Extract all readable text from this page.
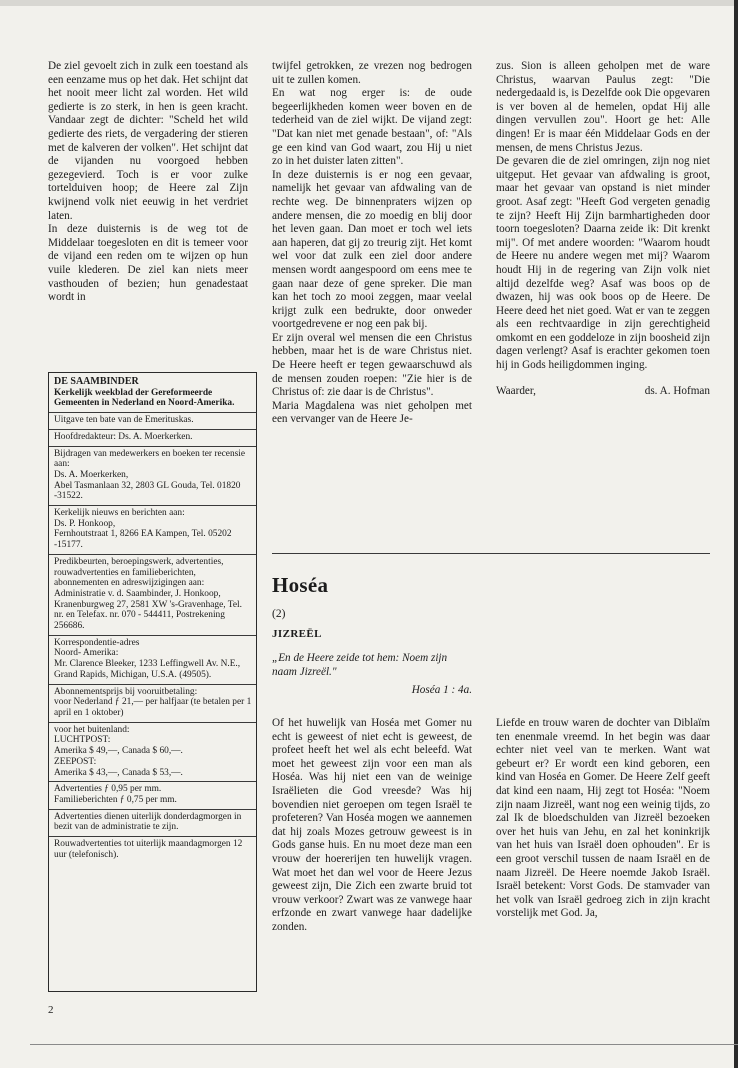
De ziel gevoelt zich in zulk een toestand als een eenzame mus op het dak. Het schijnt dat het nooit meer licht zal worden. Het wild gedierte is zo sterk, in hen is geen kracht. Vandaar zegt de dichter: "Scheld het wild gedierte des riets, de vergadering der stieren met de kalveren der volken". Het schijnt dat de vijanden nu voorgoed hebben gezegevierd. Toch is er voor zulke tortelduiven hoop; de Heere zal Zijn kwijnend volk niet eeuwig in het verdriet laten.

In deze duisternis is de weg tot de Middelaar toegesloten en dit is temeer voor de vijand een reden om te wijzen op hun vuile klederen. De ziel kan niets meer vasthouden of bezien; hun genadestaat wordt in

twijfel getrokken, ze vrezen nog bedrogen uit te zullen komen.

En wat nog erger is: de oude begeerlijkheden komen weer boven en de tederheid van de ziel wijkt. De vijand zegt: "Dat kan niet met genade bestaan", of: "Als ge een kind van God waart, zou Hij u niet zo in het duister laten zitten".

In deze duisternis is er nog een gevaar, namelijk het gevaar van afdwaling van de rechte weg. De binnenpraters wijzen op andere mensen, die zo moedig en blij door het leven gaan. Dan moet er toch wel iets aan haperen, dat gij zo treurig zijt. Het komt wel voor dat zulk een ziel door andere mensen wordt aangespoord om eens mee te gaan naar deze of gene spreker. Die man kan het toch zo mooi zeggen, maar veelal krijgt zulk een bedrukte, door onweder voortgedrevene er nog een pak bij.

Er zijn overal wel mensen die een Christus hebben, maar het is de ware Christus niet. De Heere heeft er tegen gewaarschuwd als de mensen zouden roepen: "Zie hier is de Christus of: zie daar is de Christus".

Maria Magdalena was niet geholpen met een vervanger van de Heere Je-

zus. Sion is alleen geholpen met de ware Christus, waarvan Paulus zegt: "Die nedergedaald is, is Dezelfde ook Die opgevaren is ver boven al de hemelen, opdat Hij alle dingen vervullen zou". Hoort ge het: Alle dingen! Er is maar één Middelaar Gods en der mensen, de mens Christus Jezus.

De gevaren die de ziel omringen, zijn nog niet uitgeput. Het gevaar van afdwaling is groot, maar het gevaar van opstand is niet minder groot. Asaf zegt: "Heeft God vergeten genadig te zijn? Heeft Hij Zijn barmhartigheden door toorn toegesloten? Daarna zeide ik: Dit krenkt mij". Of met andere woorden: "Waarom houdt de Heere nu andere wegen met mij? Waarom houdt Hij in de regering van Zijn volk niet altijd dezelfde weg? Asaf was boos op de dwazen, hij was ook boos op de Heere. De Heere deed het niet goed. Wat er van te zeggen als een rechtvaardige in zijn gerechtigheid omkomt en een goddeloze in zijn boosheid zijn dagen verlengt? Asaf is erachter gekomen toen hij in Gods heiligdommen inging.

Waarder,	ds. A. Hofman
DE SAAMBINDER
Kerkelijk weekblad der Gereformeerde Gemeenten in Nederland en Noord-Amerika.

Uitgave ten bate van de Emerituskas.

Hoofdredakteur: Ds. A. Moerkerken.

Bijdragen van medewerkers en boeken ter recensie aan:

Ds. A. Moerkerken,

Abel Tasmanlaan 32, 2803 GL Gouda, Tel. 01820 -31522.

Kerkelijk nieuws en berichten aan:

Ds. P. Honkoop,

Fernhoutstraat 1, 8266 EA Kampen, Tel. 05202 -15177.

Predikbeurten, beroepingswerk, advertenties, rouwadvertenties en familieberichten, abonnementen en adreswijzigingen aan:

Administratie v. d. Saambinder, J. Honkoop, Kranenburgweg 27, 2581 XW 's-Gravenhage, Tel. nr. en Telefax. nr. 070 - 544411, Postrekening 256686.

Korrespondentie-adres

Noord- Amerika:

Mr. Clarence Bleeker, 1233 Leffingwell Av. N.E., Grand Rapids, Michigan, U.S.A. (49505).

Abonnementsprijs bij vooruitbetaling:

voor Nederland ƒ 21,— per halfjaar (te betalen per 1 april en 1 oktober)

voor het buitenland:

LUCHTPOST:

Amerika $ 49,—, Canada $ 60,—.

ZEEPOST:

Amerika $ 43,—, Canada $ 53,—.

Advertenties ƒ 0,95 per mm.

Familieberichten ƒ 0,75 per mm.

Advertenties dienen uiterlijk donderdagmorgen in bezit van de administratie te zijn.

Rouwadvertenties tot uiterlijk maandagmorgen 12 uur (telefonisch).

Hoséa
(2)
JIZREËL
„En de Heere zeide tot hem: Noem zijn naam Jizreël."
Hoséa 1 : 4a.

Of het huwelijk van Hoséa met Gomer nu echt is geweest of niet echt is geweest, de profeet heeft het wel als echt beleefd. Wat moet het geweest zijn voor een man als Hoséa. Was hij niet een van de weinige Israëlieten die God vreesde? Was hij bovendien niet geroepen om tegen Israël te profeteren? Van Hoséa mogen we aannemen dat hij zoals Mozes getrouw geweest is in Gods ganse huis. En nu moet deze man een vrouw der hoererijen ten huwelijk vragen. Wat moet het dan wel voor de Heere Jezus geweest zijn, Die Zich een zwarte bruid tot vrouw verkoor? Zwart was ze vanwege haar erfzonde en zwart vanwege haar dadelijke zonden.

Liefde en trouw waren de dochter van Diblaïm ten enenmale vreemd. In het begin was daar echter niet veel van te merken. Want wat gebeurt er? Er wordt een kind geboren, een kind van Hoséa en Gomer. De Heere Zelf geeft dat kind een naam, Hij zegt tot Hoséa: "Noem zijn naam Jizreël, want nog een weinig tijds, zo zal Ik de bloedschulden van Jizreël bezoeken over het huis van Jehu, en zal het koninkrijk van het huis van Israël doen ophouden". Er is een groot verschil tussen de naam Israël en de naam Jizreël. De Heere noemde Jakob Israël. Israël betekent: Vorst Gods. De stamvader van het volk van Israël gedroeg zich in zijn kracht vorstelijk met God. Ja,

2
